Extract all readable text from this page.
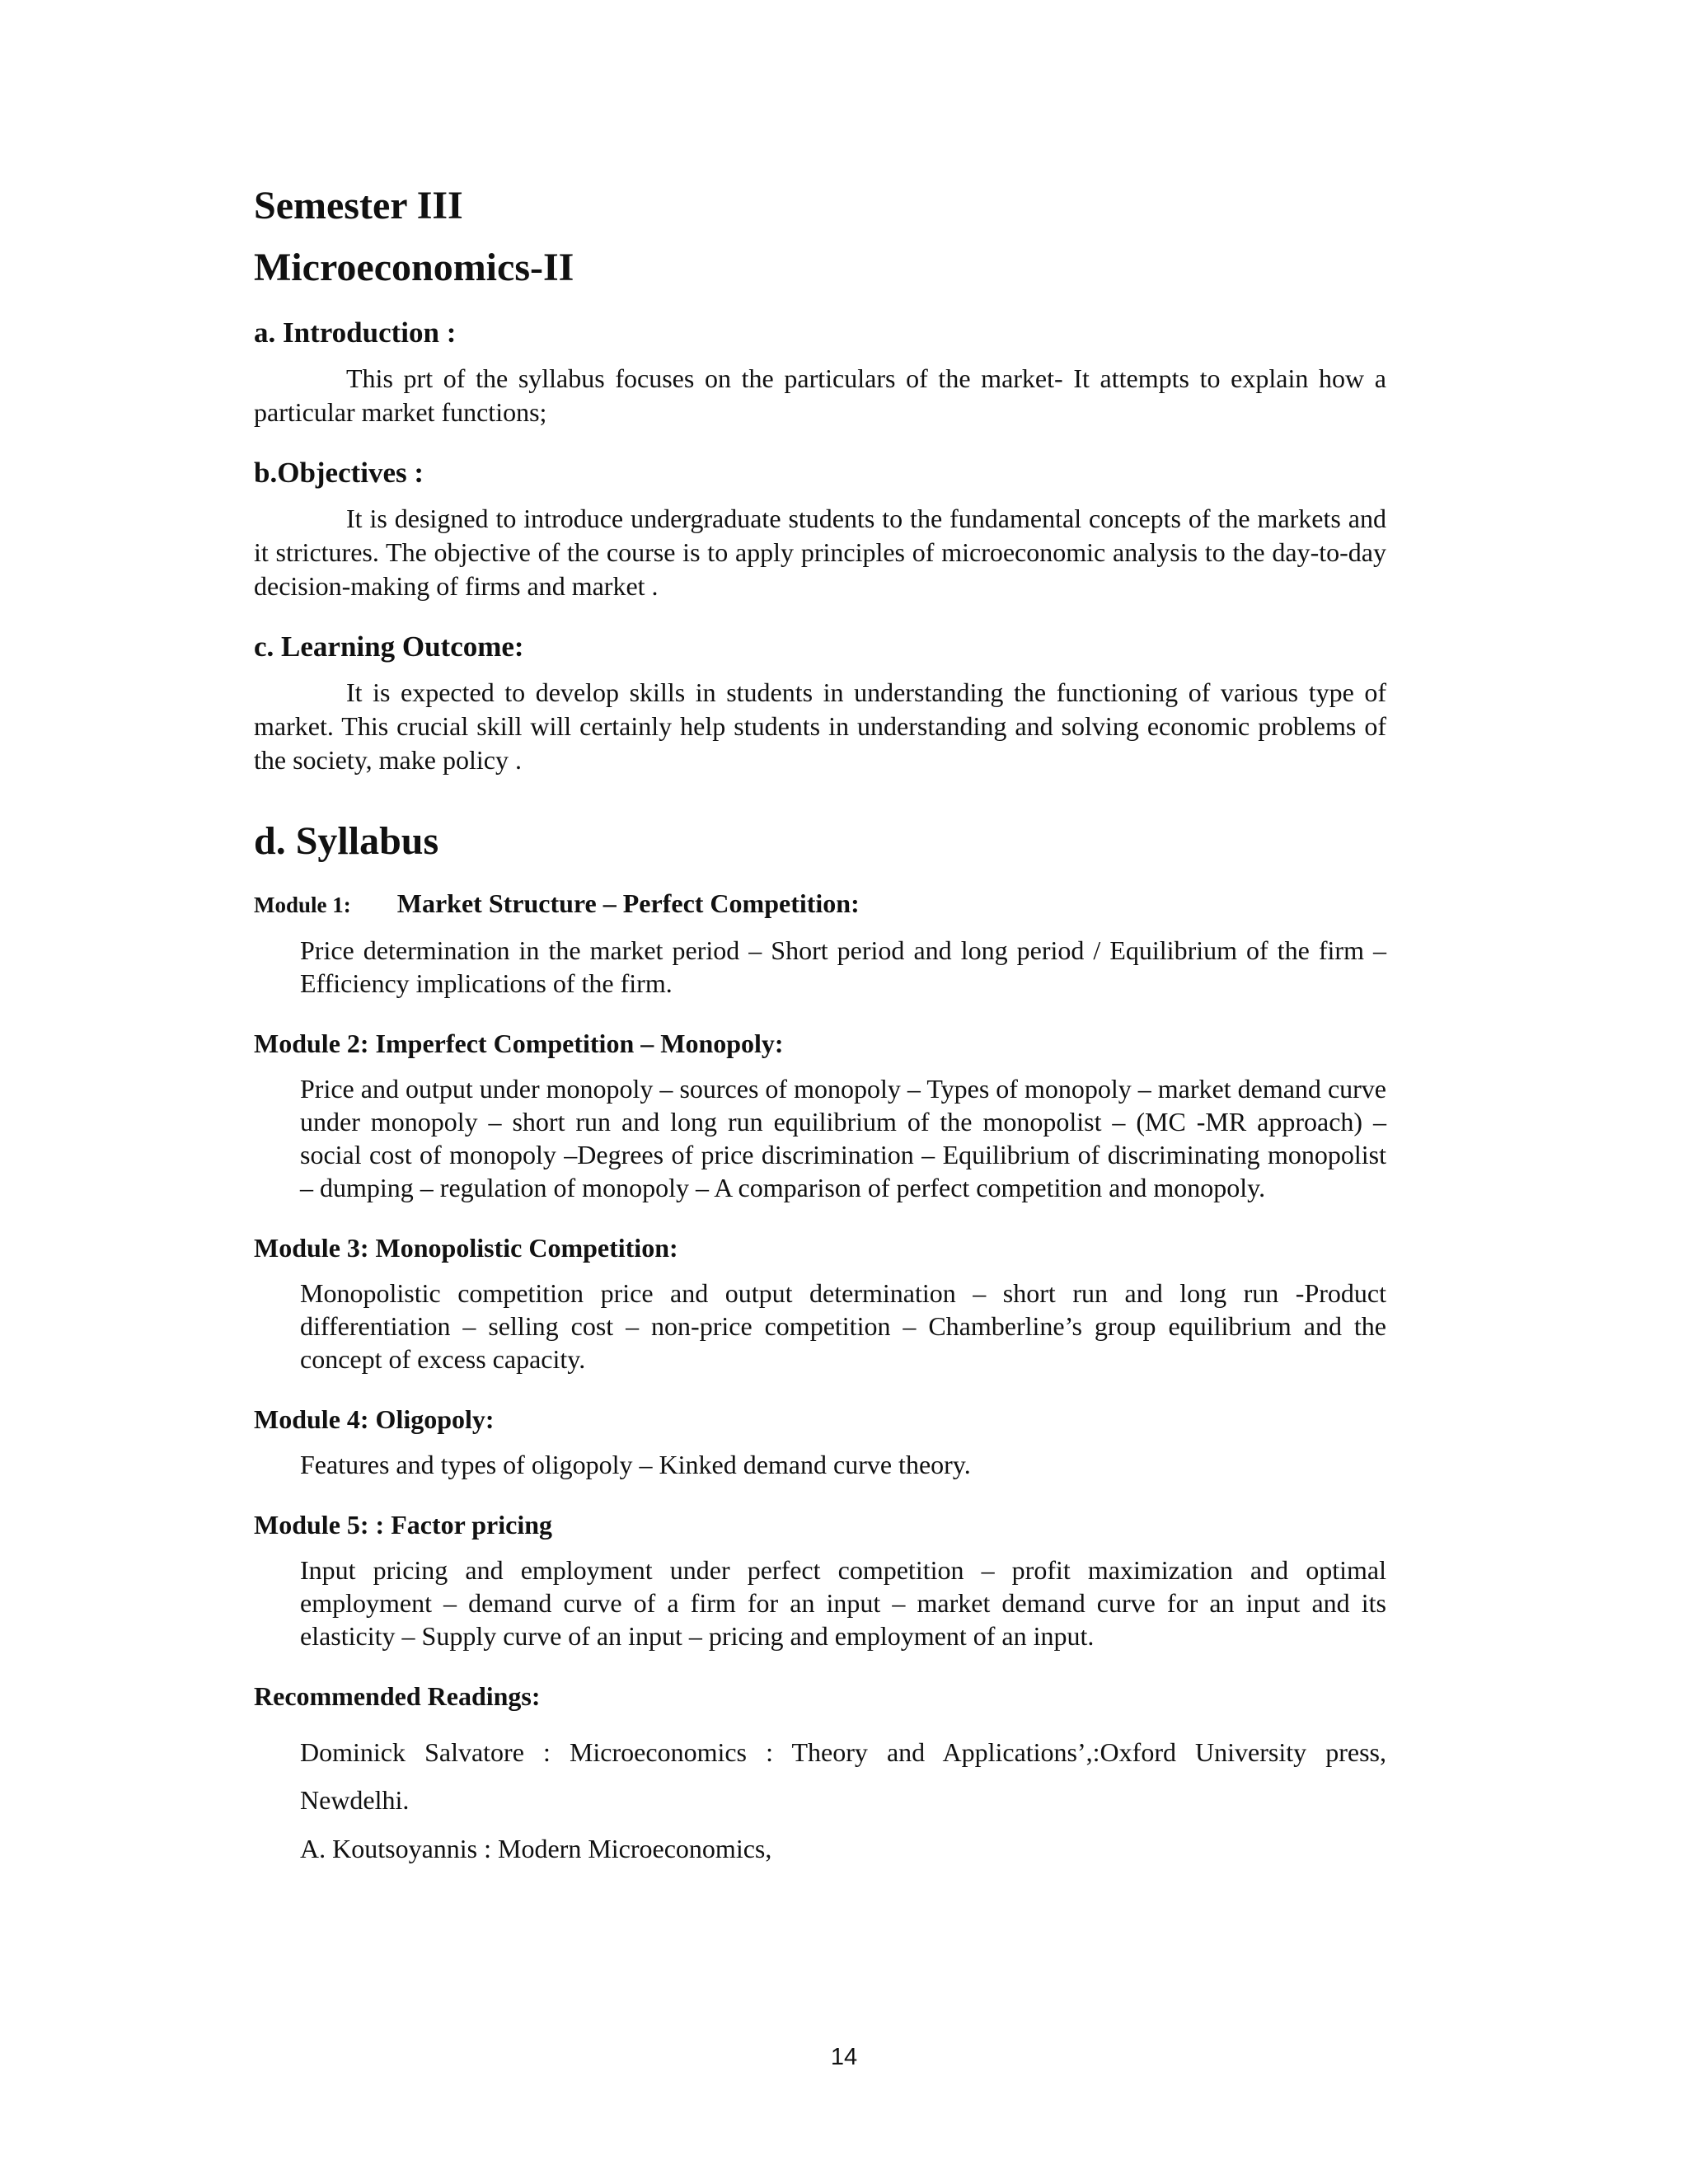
Semester III
Microeconomics-II
a. Introduction :

This prt of the syllabus focuses on the particulars of the market- It attempts to explain how a particular market functions;

b.Objectives :

It is designed to introduce undergraduate students to the fundamental concepts of the markets and it strictures. The objective of the course is to apply principles of microeconomic analysis to the day-to-day decision-making of firms and market .

c. Learning Outcome:

It is expected to develop skills in students in understanding the functioning of various type of market. This crucial skill will certainly help students in understanding and solving economic problems of the society, make policy .

d. Syllabus
Module 1: Market Structure – Perfect Competition:

Price determination in the market period – Short period and long period / Equilibrium of the firm – Efficiency implications of the firm.

Module 2: Imperfect Competition – Monopoly:

Price and output under monopoly – sources of monopoly – Types of monopoly – market demand curve under monopoly – short run and long run equilibrium of the monopolist – (MC -MR approach) – social cost of monopoly –Degrees of price discrimination – Equilibrium of discriminating monopolist – dumping – regulation of monopoly – A comparison of perfect competition and monopoly.

Module 3: Monopolistic Competition:

Monopolistic competition price and output determination – short run and long run -Product differentiation – selling cost – non-price competition – Chamberline’s group equilibrium and the concept of excess capacity.

Module 4: Oligopoly:

Features and types of oligopoly – Kinked demand curve theory.

Module 5: : Factor pricing

Input pricing and employment under perfect competition – profit maximization and optimal employment – demand curve of a firm for an input – market demand curve for an input and its elasticity – Supply curve of an input – pricing and employment of an input.

Recommended Readings:

Dominick Salvatore : Microeconomics : Theory and Applications’,:Oxford University press, Newdelhi.

A. Koutsoyannis : Modern Microeconomics,

14
